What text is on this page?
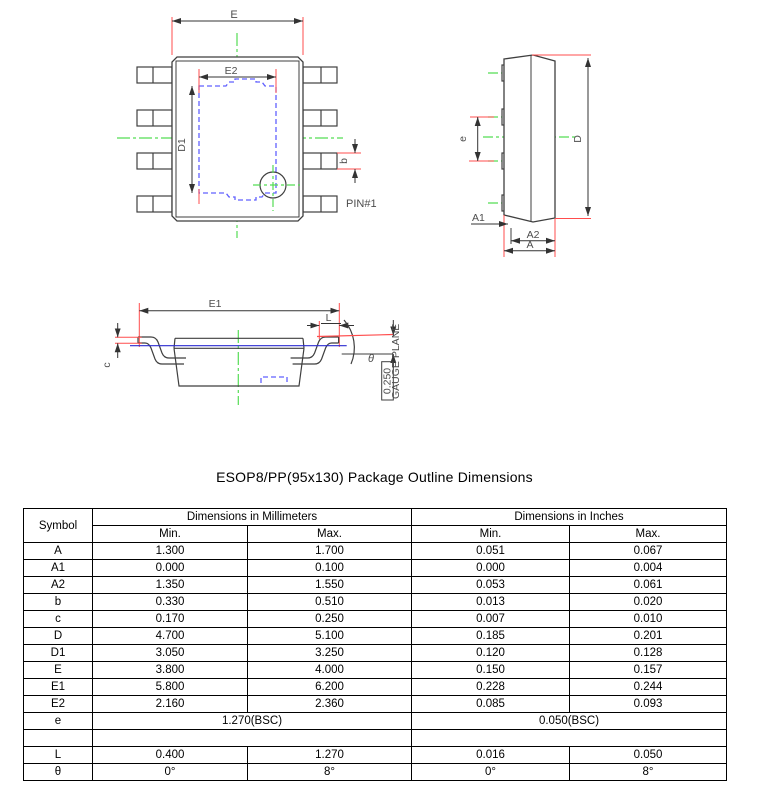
E
E2
D1
b
PIN#1
D
e
A1
A2
A
E1
c
L
θ
0.250
GAUGE PLANE
ESOP8/PP(95x130) Package Outline Dimensions
Symbol	Dimensions in Millimeters		Dimensions in Inches	
	Min.	Max.	Min.	Max.
A	1.300	1.700	0.051	0.067
A1	0.000	0.100	0.000	0.004
A2	1.350	1.550	0.053	0.061
b	0.330	0.510	0.013	0.020
c	0.170	0.250	0.007	0.010
D	4.700	5.100	0.185	0.201
D1	3.050	3.250	0.120	0.128
E	3.800	4.000	0.150	0.157
E1	5.800	6.200	0.228	0.244
E2	2.160	2.360	0.085	0.093
e	1.270(BSC)		0.050(BSC)	

L	0.400	1.270	0.016	0.050
θ	0°	8°	0°	8°
